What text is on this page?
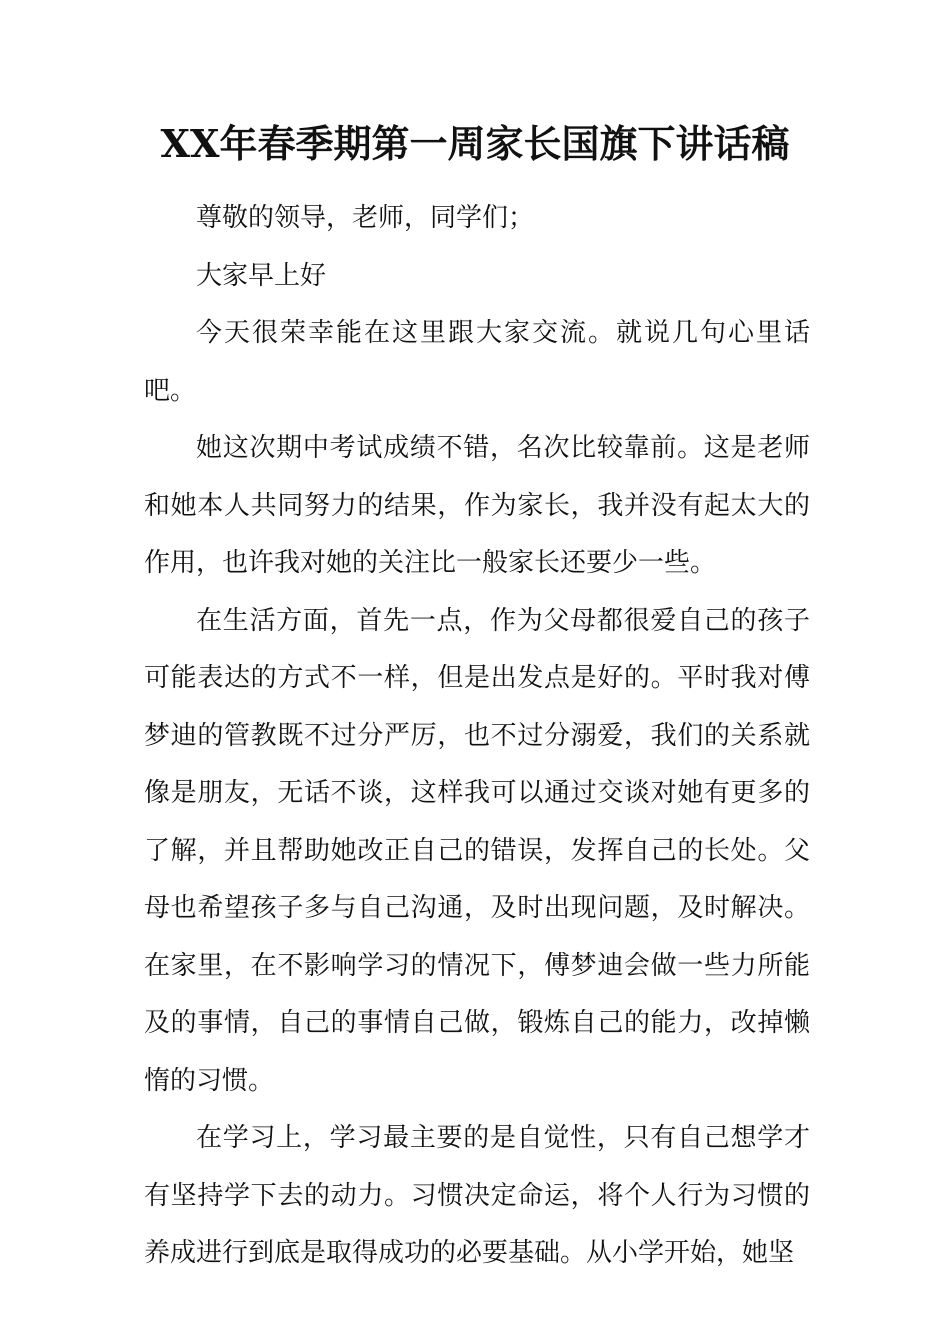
XX年春季期第一周家长国旗下讲话稿

尊敬的领导，老师，同学们；

大家早上好

今天很荣幸能在这里跟大家交流。就说几句心里话吧。

她这次期中考试成绩不错，名次比较靠前。这是老师和她本人共同努力的结果，作为家长，我并没有起太大的作用，也许我对她的关注比一般家长还要少一些。

在生活方面，首先一点，作为父母都很爱自己的孩子可能表达的方式不一样，但是出发点是好的。平时我对傅梦迪的管教既不过分严厉，也不过分溺爱，我们的关系就像是朋友，无话不谈，这样我可以通过交谈对她有更多的了解，并且帮助她改正自己的错误，发挥自己的长处。父母也希望孩子多与自己沟通，及时出现问题，及时解决。在家里，在不影响学习的情况下，傅梦迪会做一些力所能及的事情，自己的事情自己做，锻炼自己的能力，改掉懒惰的习惯。

在学习上，学习最主要的是自觉性，只有自己想学才有坚持学下去的动力。习惯决定命运，将个人行为习惯的养成进行到底是取得成功的必要基础。从小学开始，她坚
